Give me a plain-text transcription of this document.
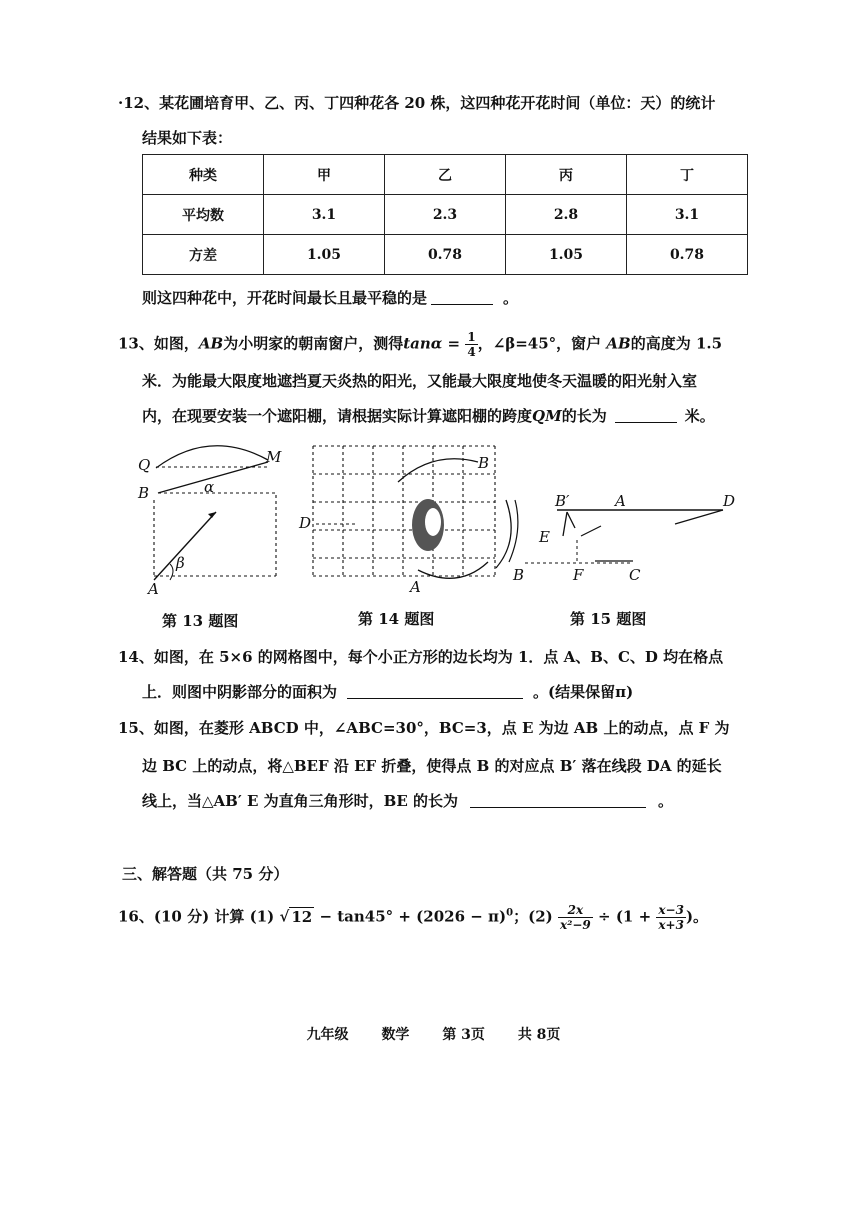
·12、某花圃培育甲、乙、丙、丁四种花各 20 株，这四种花开花时间（单位：天）的统计
结果如下表：
种类	甲	乙	丙	丁
平均数	3.1	2.3	2.8	3.1
方差	1.05	0.78	1.05	0.78
则这四种花中，开花时间最长且最平稳的是	。
13、如图，AB为小明家的朝南窗户，测得$\tan\alpha = \frac{1}{4}$ ，∠β=45°，窗户 AB的高度为 1.5
米．为能最大限度地遮挡夏天炎热的阳光，又能最大限度地使冬天温暖的阳光射入室
内，在现要安装一个遮阳棚，请根据实际计算遮阳棚的跨度QM的长为	米。
Q	M
B
A
α
β
B
D
A
B′	A	D
E
B	F	C
第 13 题图	第 14 题图	第 15 题图
14、如图，在 5×6 的网格图中，每个小正方形的边长均为 1．点 A、B、C、D 均在格点
上．则图中阴影部分的面积为	。(结果保留π)
15、如图，在菱形 ABCD 中，∠ABC=30°，BC=3，点 E 为边 AB 上的动点，点 F 为
边 BC 上的动点，将△BEF 沿 EF 折叠，使得点 B 的对应点 B′ 落在线段 DA 的延长
线上，当△AB′ E 为直角三角形时，BE 的长为	。
三、解答题（共 75 分）
16、(10 分) 计算 (1) √ $12 - \tan 45^\circ + (2026 - \pi)^0$；$(2) \frac{2x}{\text{x²−9}} \div (1 + \frac{x-3}{x+3}$ )。
九年级 数学 第 3页 共 8页
